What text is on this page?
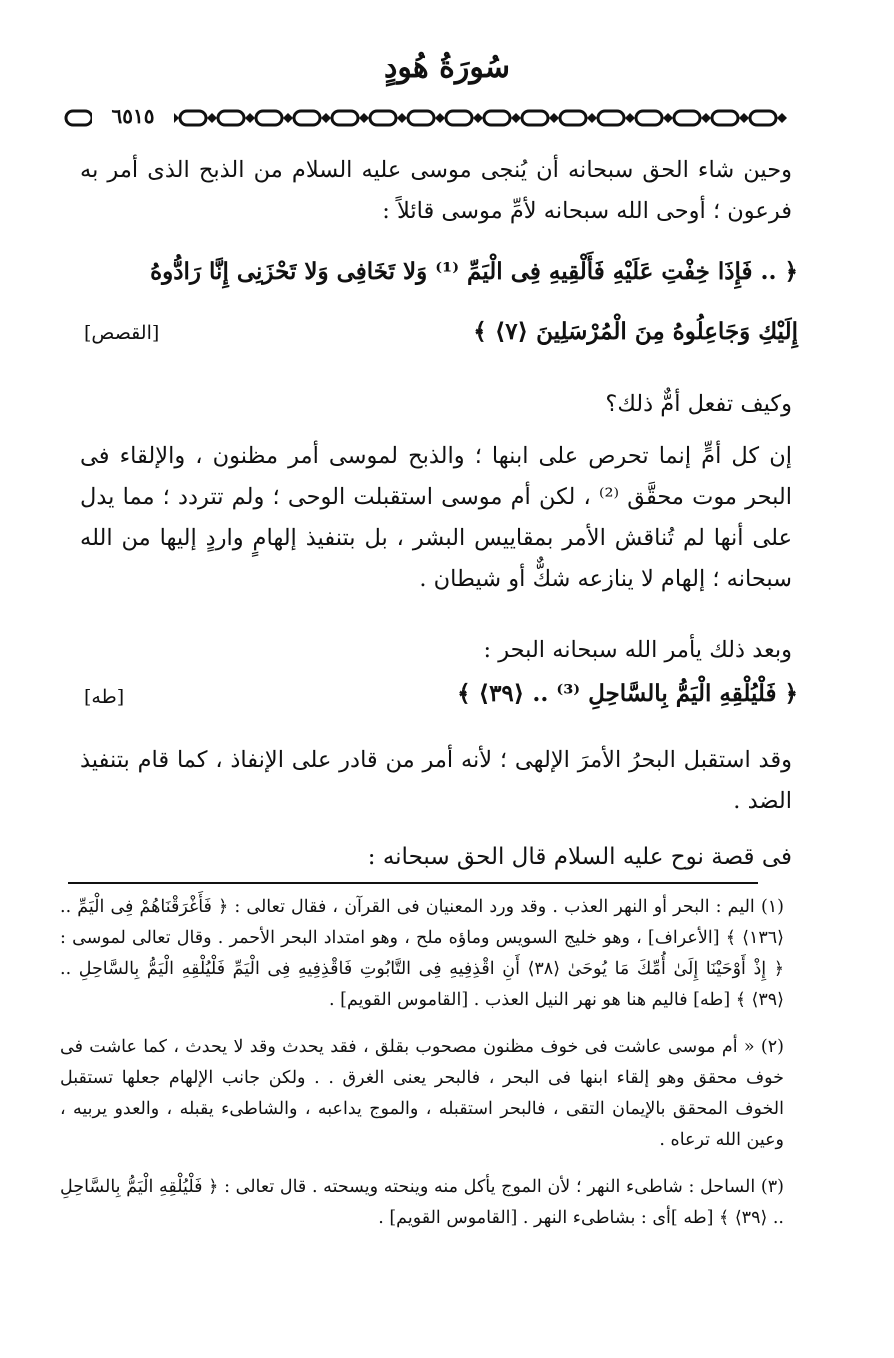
سُورَةُ هُودٍ
٦٥١٥
وحين شاء الحق سبحانه أن يُنجى موسى عليه السلام من الذبح الذى أمر به فرعون ؛ أوحى الله سبحانه لأمِّ موسى قائلاً :
﴿ .. فَإِذَا خِفْتِ عَلَيْهِ فَأَلْقِيهِ فِى الْيَمِّ ⁽¹⁾ وَلا تَخَافِى وَلا تَحْزَنِى إِنَّا رَادُّوهُ
إِلَيْكِ وَجَاعِلُوهُ مِنَ الْمُرْسَلِينَ ⟨٧⟩ ﴾
[القصص]
وكيف تفعل أمٌّ ذلك؟
إن كل أمٍّ إنما تحرص على ابنها ؛ والذبح لموسى أمر مظنون ، والإلقاء فى البحر موت محقَّق ⁽²⁾ ، لكن أم موسى استقبلت الوحى ؛ ولم تتردد ؛ مما يدل على أنها لم تُناقش الأمر بمقاييس البشر ، بل بتنفيذ إلهامٍ واردٍ إليها من الله سبحانه ؛ إلهام لا ينازعه شكٌّ أو شيطان .
وبعد ذلك يأمر الله سبحانه البحر :
﴿ فَلْيُلْقِهِ الْيَمُّ بِالسَّاحِلِ ⁽³⁾ .. ⟨٣٩⟩ ﴾
[طه]
وقد استقبل البحرُ الأمرَ الإلهى ؛ لأنه أمر من قادر على الإنفاذ ، كما قام بتنفيذ الضد .
فى قصة نوح عليه السلام قال الحق سبحانه :
(١) اليم : البحر أو النهر العذب . وقد ورد المعنيان فى القرآن ، فقال تعالى : ﴿ فَأَغْرَقْنَاهُمْ فِى الْيَمِّ .. ⟨١٣٦⟩ ﴾ [الأعراف] ، وهو خليج السويس وماؤه ملح ، وهو امتداد البحر الأحمر . وقال تعالى لموسى : ﴿ إِذْ أَوْحَيْنَا إِلَىٰ أُمِّكَ مَا يُوحَىٰ ⟨٣٨⟩ أَنِ اقْذِفِيهِ فِى التَّابُوتِ فَاقْذِفِيهِ فِى الْيَمِّ فَلْيُلْقِهِ الْيَمُّ بِالسَّاحِلِ .. ⟨٣٩⟩ ﴾ [طه] فاليم هنا هو نهر النيل العذب . [القاموس القويم] .
(٢) « أم موسى عاشت فى خوف مظنون مصحوب بقلق ، فقد يحدث وقد لا يحدث ، كما عاشت فى خوف محقق وهو إلقاء ابنها فى البحر ، فالبحر يعنى الغرق . . ولكن جانب الإلهام جعلها تستقبل الخوف المحقق بالإيمان التقى ، فالبحر استقبله ، والموج يداعبه ، والشاطىء يقبله ، والعدو يربيه ، وعين الله ترعاه .
(٣) الساحل : شاطىء النهر ؛ لأن الموج يأكل منه وينحته ويسحته . قال تعالى : ﴿ فَلْيُلْقِهِ الْيَمُّ بِالسَّاحِلِ .. ⟨٣٩⟩ ﴾ [طه ]أى : بشاطىء النهر . [القاموس القويم] .
